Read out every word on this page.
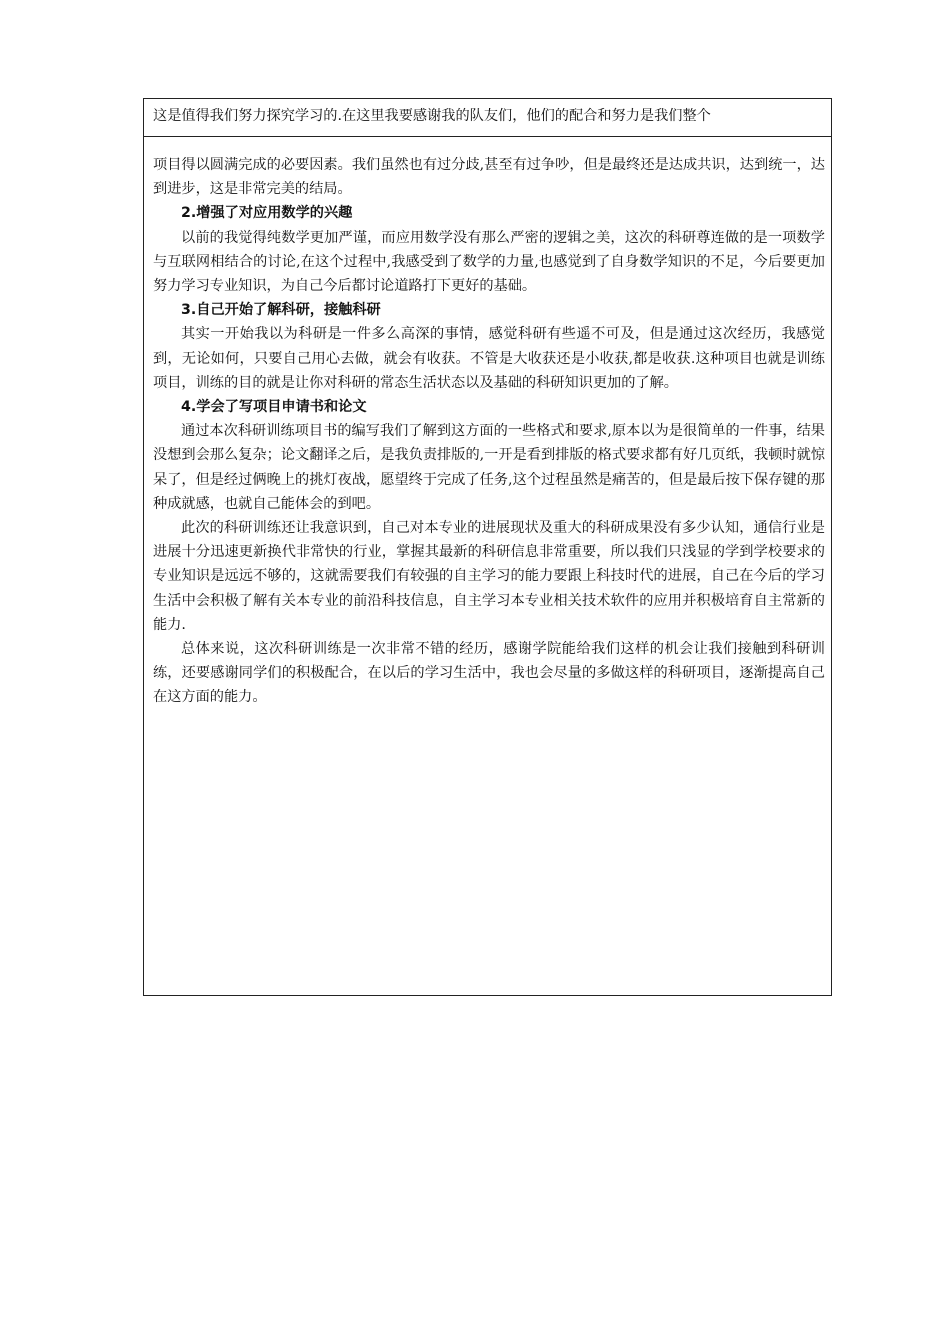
这是值得我们努力探究学习的.在这里我要感谢我的队友们，他们的配合和努力是我们整个

项目得以圆满完成的必要因素。我们虽然也有过分歧,甚至有过争吵，但是最终还是达成共识，达到统一，达到进步，这是非常完美的结局。

2.增强了对应用数学的兴趣

以前的我觉得纯数学更加严谨，而应用数学没有那么严密的逻辑之美，这次的科研尊连做的是一项数学与互联网相结合的讨论,在这个过程中,我感受到了数学的力量,也感觉到了自身数学知识的不足，今后要更加努力学习专业知识，为自己今后都讨论道路打下更好的基础。

3.自己开始了解科研，接触科研

其实一开始我以为科研是一件多么高深的事情，感觉科研有些遥不可及，但是通过这次经历，我感觉到，无论如何，只要自己用心去做，就会有收获。不管是大收获还是小收获,都是收获.这种项目也就是训练项目，训练的目的就是让你对科研的常态生活状态以及基础的科研知识更加的了解。

4.学会了写项目申请书和论文

通过本次科研训练项目书的编写我们了解到这方面的一些格式和要求,原本以为是很简单的一件事，结果没想到会那么复杂；论文翻译之后，是我负责排版的,一开是看到排版的格式要求都有好几页纸，我顿时就惊呆了，但是经过俩晚上的挑灯夜战，愿望终于完成了任务,这个过程虽然是痛苦的，但是最后按下保存键的那种成就感，也就自己能体会的到吧。

此次的科研训练还让我意识到，自己对本专业的进展现状及重大的科研成果没有多少认知，通信行业是进展十分迅速更新换代非常快的行业，掌握其最新的科研信息非常重要，所以我们只浅显的学到学校要求的专业知识是远远不够的，这就需要我们有较强的自主学习的能力要跟上科技时代的进展，自己在今后的学习生活中会积极了解有关本专业的前沿科技信息，自主学习本专业相关技术软件的应用并积极培育自主常新的能力.

总体来说，这次科研训练是一次非常不错的经历，感谢学院能给我们这样的机会让我们接触到科研训练，还要感谢同学们的积极配合，在以后的学习生活中，我也会尽量的多做这样的科研项目，逐渐提高自己在这方面的能力。
